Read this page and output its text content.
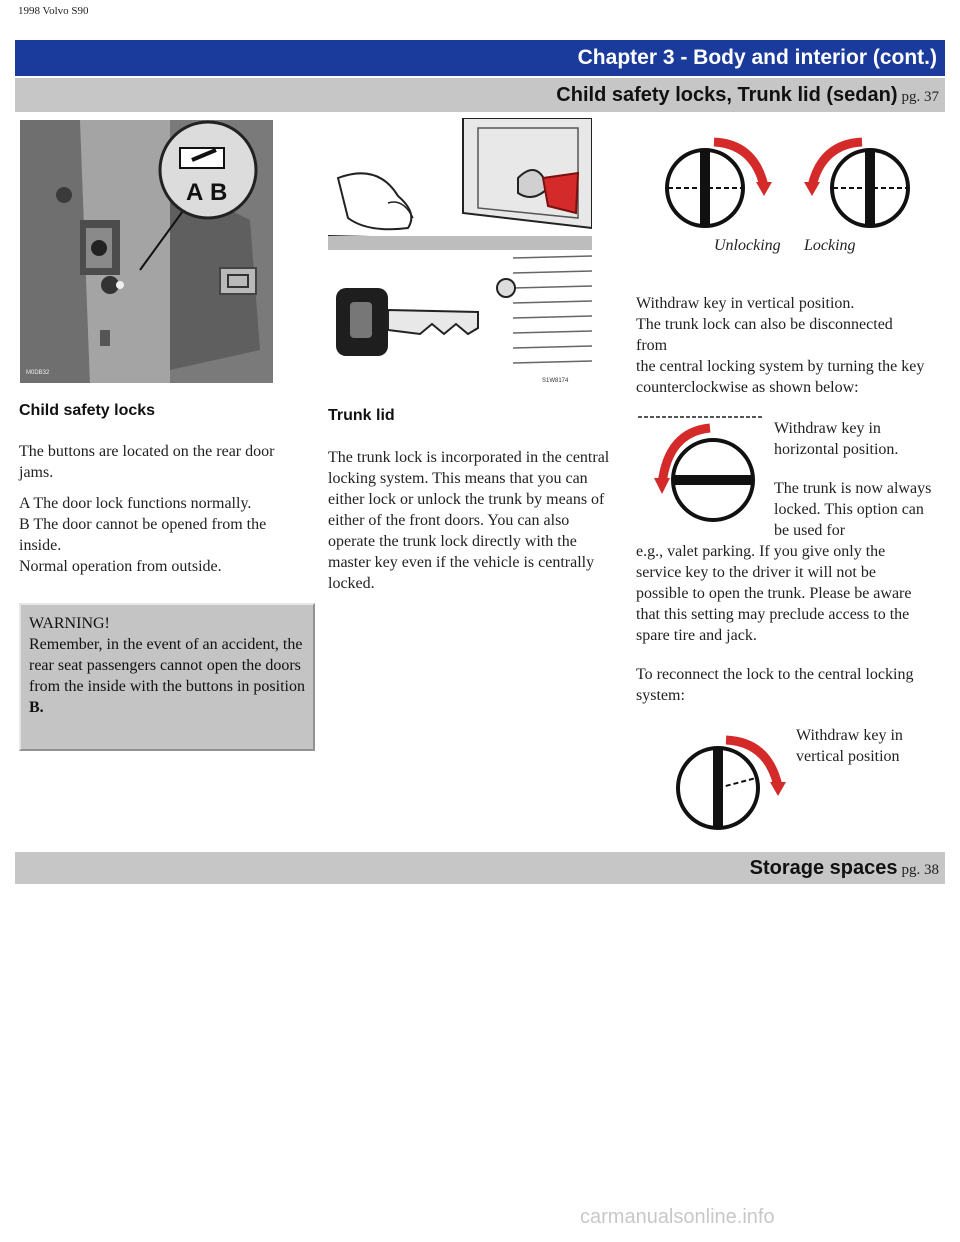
1998 Volvo S90
Chapter 3 - Body and interior (cont.)
Child safety locks, Trunk lid (sedan) pg. 37
A B
M0DB32
S1W8174
Unlocking Locking
Child safety locks

The buttons are located on the rear door jams.

A The door lock functions normally.
B The door cannot be opened from the inside.
Normal operation from outside.
WARNING!
Remember, in the event of an accident, the rear seat passengers cannot open the doors from the inside with the buttons in position B.
Trunk lid
The trunk lock is incorporated in the central locking system. This means that you can either lock or unlock the trunk by means of either of the front doors. You can also operate the trunk lock directly with the master key even if the vehicle is centrally locked.
Withdraw key in vertical position.
The trunk lock can also be disconnected
from
the central locking system by turning the key counterclockwise as shown below:
Withdraw key in horizontal position.
The trunk is now always locked. This option can be used for
e.g., valet parking. If you give only the service key to the driver it will not be possible to open the trunk. Please be aware that this setting may preclude access to the spare tire and jack.
To reconnect the lock to the central locking system:
Withdraw key in vertical position
Storage spaces pg. 38
carmanualsonline.info
